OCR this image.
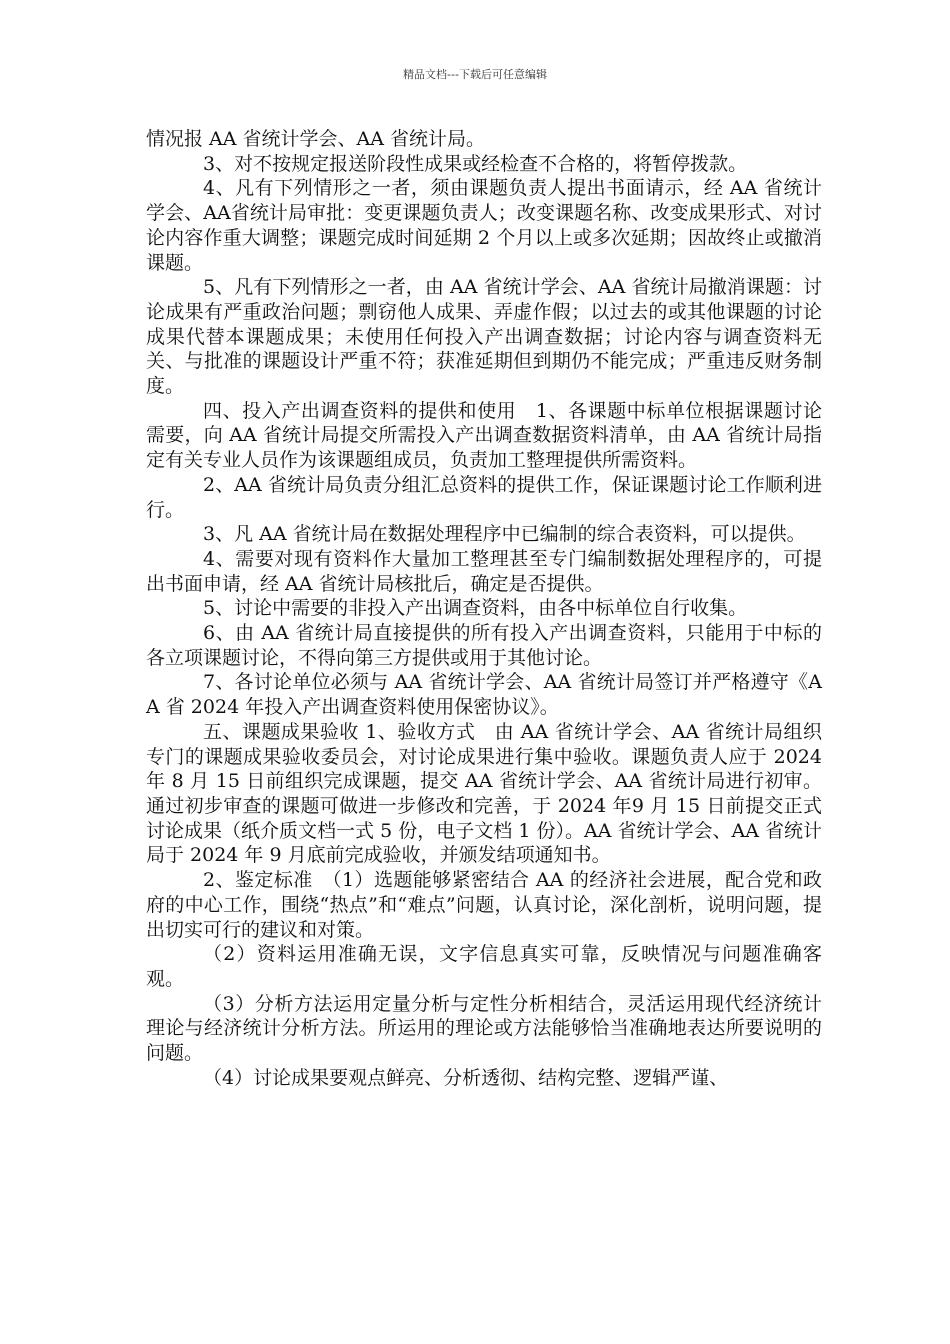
精品文档---下载后可任意编辑

情况报 AA 省统计学会、AA 省统计局。

3、对不按规定报送阶段性成果或经检查不合格的，将暂停拨款。

4、凡有下列情形之一者，须由课题负责人提出书面请示，经 AA 省统计学会、AA省统计局审批：变更课题负责人；改变课题名称、改变成果形式、对讨论内容作重大调整；课题完成时间延期 2 个月以上或多次延期；因故终止或撤消课题。

5、凡有下列情形之一者，由 AA 省统计学会、AA 省统计局撤消课题：讨论成果有严重政治问题；剽窃他人成果、弄虚作假；以过去的或其他课题的讨论成果代替本课题成果；未使用任何投入产出调查数据；讨论内容与调查资料无关、与批准的课题设计严重不符；获准延期但到期仍不能完成；严重违反财务制度。

四、投入产出调查资料的提供和使用　1、各课题中标单位根据课题讨论需要，向 AA 省统计局提交所需投入产出调查数据资料清单，由 AA 省统计局指定有关专业人员作为该课题组成员，负责加工整理提供所需资料。

2、AA 省统计局负责分组汇总资料的提供工作，保证课题讨论工作顺利进行。

3、凡 AA 省统计局在数据处理程序中已编制的综合表资料，可以提供。

4、需要对现有资料作大量加工整理甚至专门编制数据处理程序的，可提出书面申请，经 AA 省统计局核批后，确定是否提供。

5、讨论中需要的非投入产出调查资料，由各中标单位自行收集。

6、由 AA 省统计局直接提供的所有投入产出调查资料，只能用于中标的各立项课题讨论，不得向第三方提供或用于其他讨论。

7、各讨论单位必须与 AA 省统计学会、AA 省统计局签订并严格遵守《AA 省 2024 年投入产出调查资料使用保密协议》。

五、课题成果验收 1、验收方式　由 AA 省统计学会、AA 省统计局组织专门的课题成果验收委员会，对讨论成果进行集中验收。课题负责人应于 2024 年 8 月 15 日前组织完成课题，提交 AA 省统计学会、AA 省统计局进行初审。通过初步审查的课题可做进一步修改和完善，于 2024 年9 月 15 日前提交正式讨论成果（纸介质文档一式 5 份，电子文档 1 份）。AA 省统计学会、AA 省统计局于 2024 年 9 月底前完成验收，并颁发结项通知书。

2、鉴定标准　（1）选题能够紧密结合 AA 的经济社会进展，配合党和政府的中心工作，围绕“热点”和“难点”问题，认真讨论，深化剖析，说明问题，提出切实可行的建议和对策。

（2）资料运用准确无误，文字信息真实可靠，反映情况与问题准确客观。

（3）分析方法运用定量分析与定性分析相结合，灵活运用现代经济统计理论与经济统计分析方法。所运用的理论或方法能够恰当准确地表达所要说明的问题。

（4）讨论成果要观点鲜亮、分析透彻、结构完整、逻辑严谨、
